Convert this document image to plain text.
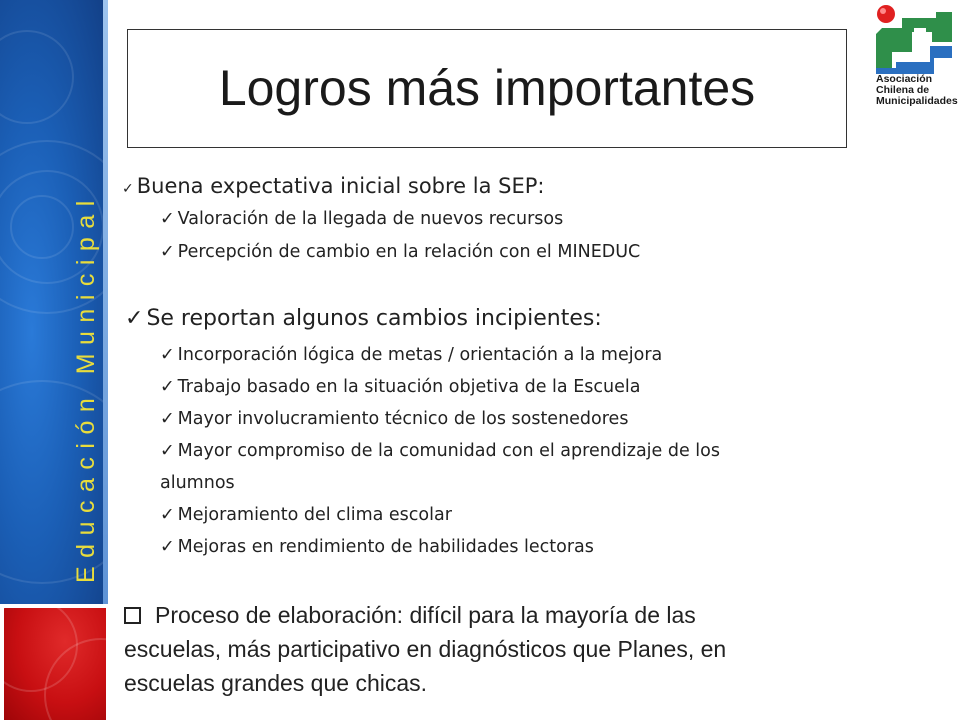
Educación Municipal
Logros más importantes	Asociación
Chilena de
Municipalidades
✓ Buena expectativa inicial sobre la SEP:
✓ Valoración de la llegada de nuevos recursos
✓ Percepción de cambio en la relación con el MINEDUC
✓ Se reportan algunos cambios incipientes:
✓ Incorporación lógica de metas / orientación a la mejora
✓ Trabajo basado en la situación objetiva de la Escuela
✓ Mayor involucramiento técnico de los sostenedores
✓ Mayor compromiso de la comunidad con el aprendizaje de los
alumnos
✓ Mejoramiento del clima escolar
✓ Mejoras en rendimiento de habilidades lectoras
Proceso de elaboración: difícil para la mayoría de las
escuelas, más participativo en diagnósticos que Planes, en
escuelas grandes que chicas.
